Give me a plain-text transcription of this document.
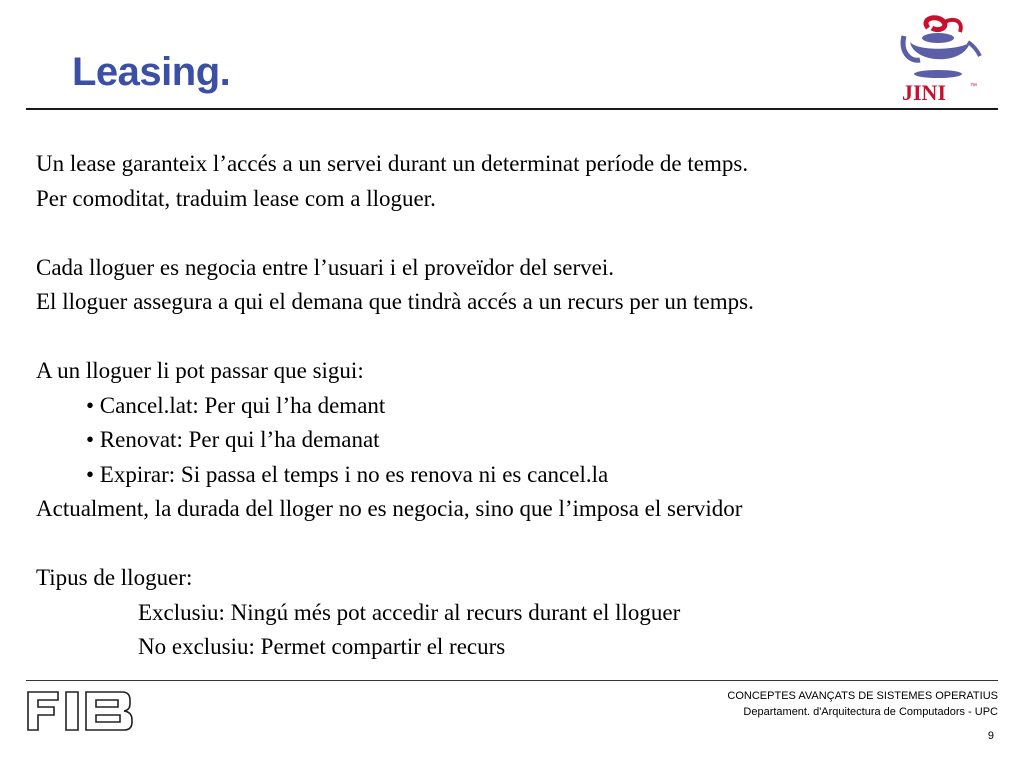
Leasing.	JINI	™
Un lease garanteix l’accés a un servei durant un determinat període de temps.
Per comoditat, traduim lease com a lloguer.
Cada lloguer es negocia entre l’usuari i el proveïdor del servei.
El lloguer assegura a qui el demana que tindrà accés a un recurs per un temps.
A un lloguer li pot passar que sigui:
• Cancel.lat: Per qui l’ha demant
• Renovat: Per qui l’ha demanat
• Expirar: Si passa el temps i no es renova ni es cancel.la
Actualment, la durada del lloger no es negocia, sino que l’imposa el servidor
Tipus de lloguer:
Exclusiu: Ningú més pot accedir al recurs durant el lloguer
No exclusiu: Permet compartir el recurs
CONCEPTES AVANÇATS DE SISTEMES OPERATIUS
Departament. d'Arquitectura de Computadors - UPC
9
